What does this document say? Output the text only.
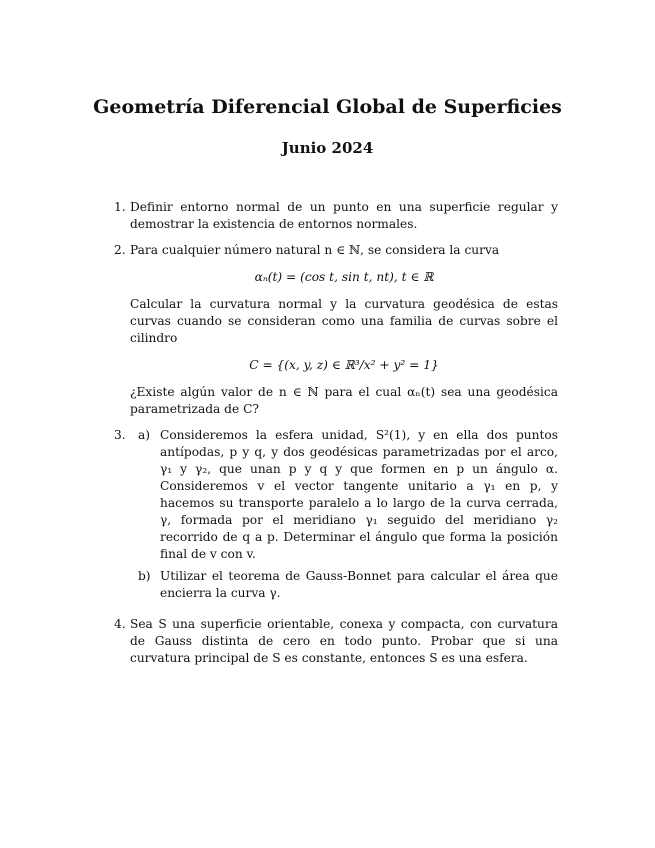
Geometría Diferencial Global de Superficies
Junio 2024
1. Definir entorno normal de un punto en una superficie regular y demostrar la existencia de entornos normales.

2. Para cualquier número natural n ∈ ℕ, se considera la curva

αₙ(t) = (cos t, sin t, nt), t ∈ ℝ

Calcular la curvatura normal y la curvatura geodésica de estas curvas cuando se consideran como una familia de curvas sobre el cilindro

C = {(x, y, z) ∈ ℝ³/x² + y² = 1}

¿Existe algún valor de n ∈ ℕ para el cual αₙ(t) sea una geodésica parametrizada de C?

3.	a) Consideremos la esfera unidad, S²(1), y en ella dos puntos antípodas, p y q, y dos geodésicas parametrizadas por el arco, γ₁ y γ₂, que unan p y q y que formen en p un ángulo α. Consideremos v el vector tangente unitario a γ₁ en p, y hacemos su transporte paralelo a lo largo de la curva cerrada, γ, formada por el meridiano γ₁ seguido del meridiano γ₂ recorrido de q a p. Determinar el ángulo que forma la posición final de v con v.
b) Utilizar el teorema de Gauss-Bonnet para calcular el área que encierra la curva γ.
4. Sea S una superficie orientable, conexa y compacta, con curvatura de Gauss distinta de cero en todo punto. Probar que si una curvatura principal de S es constante, entonces S es una esfera.
